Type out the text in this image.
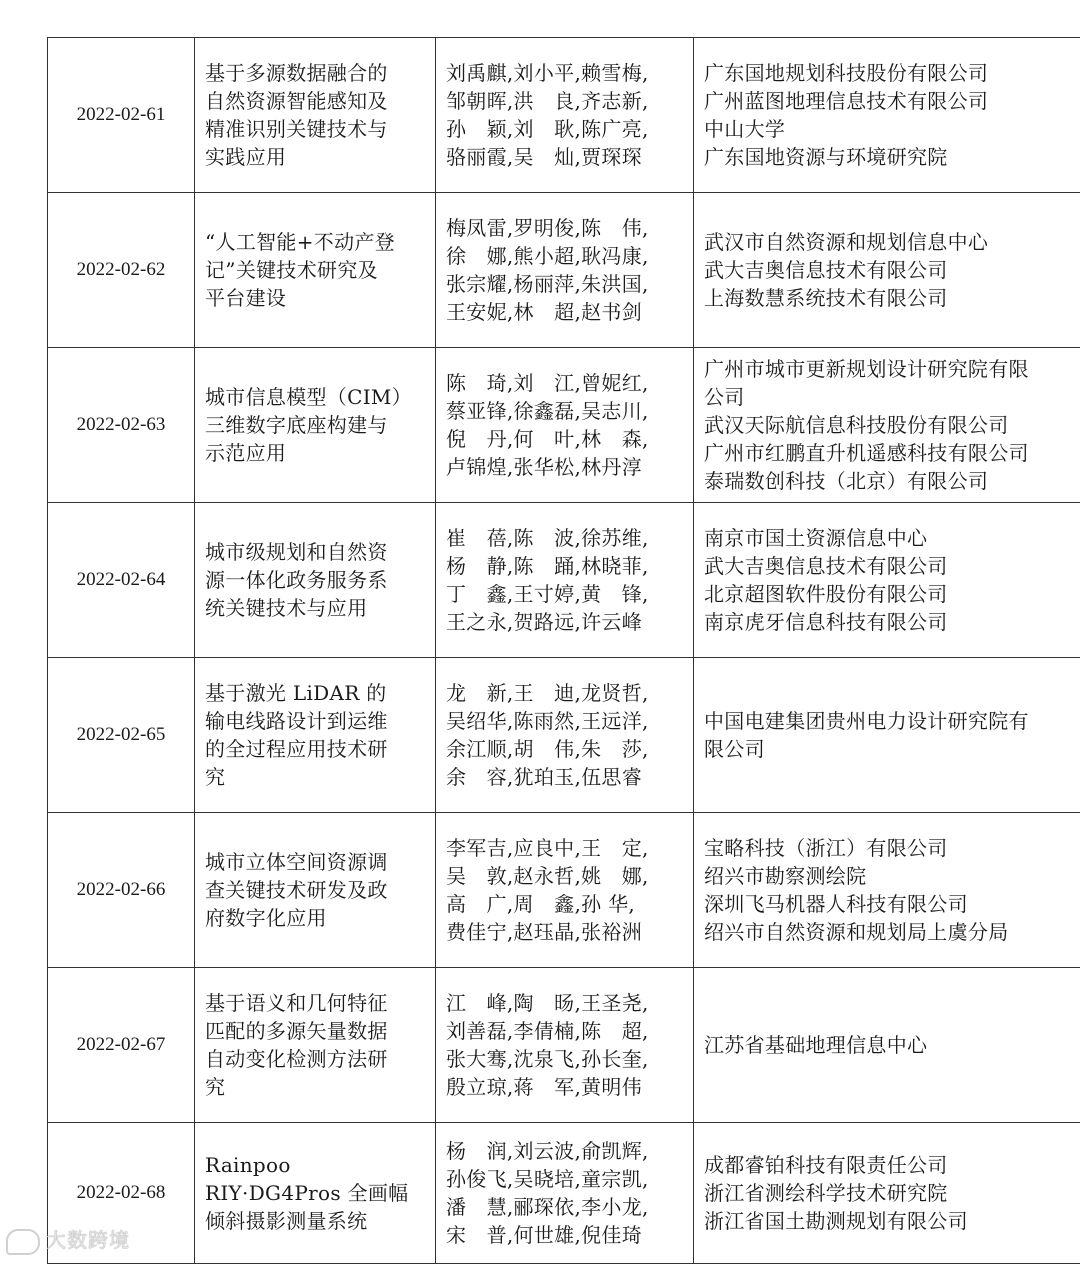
2022-02-61	基于多源数据融合的
自然资源智能感知及
精准识别关键技术与
实践应用	刘禹麒,刘小平,赖雪梅,
邹朝晖,洪　良,齐志新,
孙　颖,刘　耿,陈广亮,
骆丽霞,吴　灿,贾琛琛	广东国地规划科技股份有限公司
广州蓝图地理信息技术有限公司
中山大学
广东国地资源与环境研究院

2022-02-62	“人工智能+不动产登
记”关键技术研究及
平台建设	梅凤雷,罗明俊,陈　伟,
徐　娜,熊小超,耿冯康,
张宗耀,杨丽萍,朱洪国,
王安妮,林　超,赵书剑	武汉市自然资源和规划信息中心
武大吉奥信息技术有限公司
上海数慧系统技术有限公司

2022-02-63	城市信息模型（CIM）
三维数字底座构建与
示范应用	陈　琦,刘　江,曾妮红,
蔡亚锋,徐鑫磊,吴志川,
倪　丹,何　叶,林　森,
卢锦煌,张华松,林丹淳	广州市城市更新规划设计研究院有限
公司
武汉天际航信息科技股份有限公司
广州市红鹏直升机遥感科技有限公司
泰瑞数创科技（北京）有限公司

2022-02-64	城市级规划和自然资
源一体化政务服务系
统关键技术与应用	崔　蓓,陈　波,徐苏维,
杨　静,陈　踊,林晓菲,
丁　鑫,王寸婷,黄　锋,
王之永,贺路远,许云峰	南京市国土资源信息中心
武大吉奥信息技术有限公司
北京超图软件股份有限公司
南京虎牙信息科技有限公司

2022-02-65	基于激光 LiDAR 的
输电线路设计到运维
的全过程应用技术研
究	龙　新,王　迪,龙贤哲,
吴绍华,陈雨然,王远洋,
余江顺,胡　伟,朱　莎,
余　容,犹珀玉,伍思睿	中国电建集团贵州电力设计研究院有
限公司

2022-02-66	城市立体空间资源调
查关键技术研发及政
府数字化应用	李军吉,应良中,王　定,
吴　敦,赵永哲,姚　娜,
高　广,周　鑫,孙 华,
费佳宁,赵珏晶,张裕洲	宝略科技（浙江）有限公司
绍兴市勘察测绘院
深圳飞马机器人科技有限公司
绍兴市自然资源和规划局上虞分局

2022-02-67	基于语义和几何特征
匹配的多源矢量数据
自动变化检测方法研
究	江　峰,陶　旸,王圣尧,
刘善磊,李倩楠,陈　超,
张大骞,沈泉飞,孙长奎,
殷立琼,蒋　军,黄明伟	江苏省基础地理信息中心

2022-02-68	Rainpoo
RIY·DG4Pros 全画幅
倾斜摄影测量系统	杨　润,刘云波,俞凯辉,
孙俊飞,吴晓培,童宗凯,
潘　慧,郦琛依,李小龙,
宋　普,何世雄,倪佳琦	成都睿铂科技有限责任公司
浙江省测绘科学技术研究院
浙江省国土勘测规划有限公司
大数跨境
